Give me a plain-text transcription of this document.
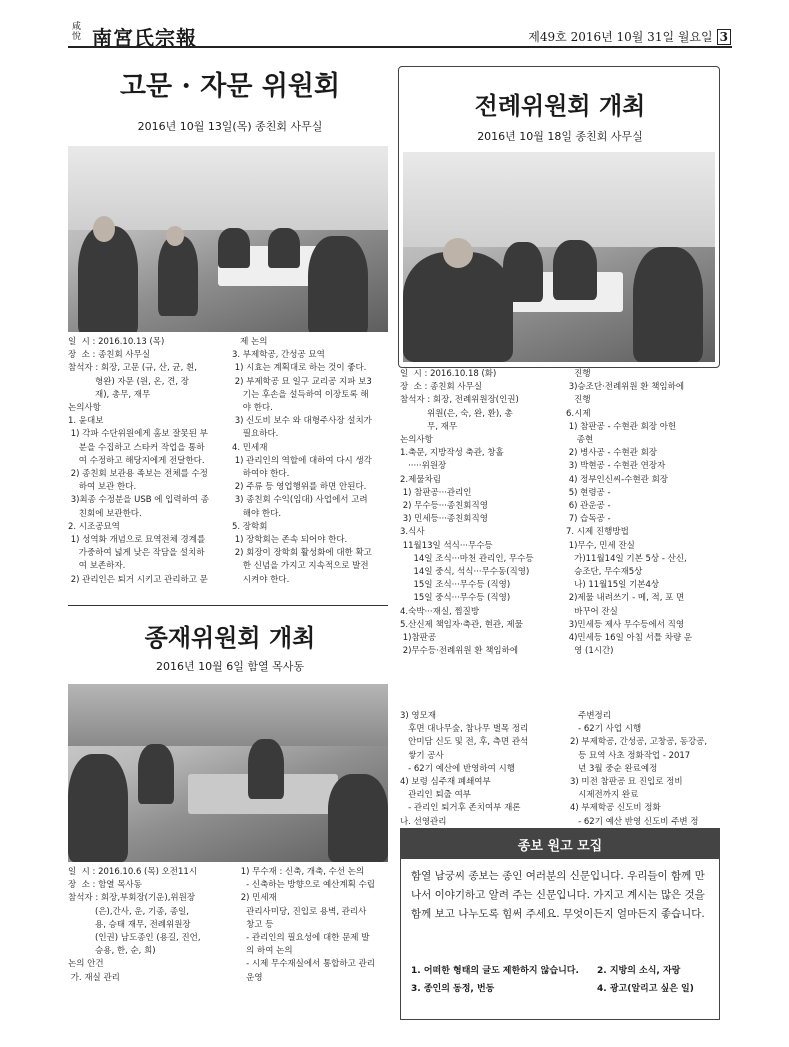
咸悅 南宮氏宗報	제49호 2016년 10월 31일 월요일 3
고문 · 자문 위원회
2016년 10월 13일(목) 종친회 사무실
일  시 : 2016.10.13 (목)
장  소 : 종친회 사무실
참석자 : 회장, 고문 (규, 산, 균, 흰,
형완) 자문 (원, 온, 견, 장
재), 총무, 재무
논의사항
1. 윤대보
1) 각파 수단위원에게 홈보 잘못된 부
분을 수집하고 스타커 작업을 통하
여 수정하고 해당지에게 전달한다.
2) 종친회 보관용 족보는 전체를 수정
하여 보관 한다.
3)최종 수정분을 USB 에 입력하여 종
친회에 보관한다.
2. 시조공묘역
1) 성역화 개념으로 묘역전체 경계를
가중하여 넓게 낮은 작담을 설치하
여 보존하자.
2) 관리인은 퇴거 시키고 관리하고 문
제 논의
3. 부제학공, 간성공 묘역
1) 시효는 계획대로 하는 것이 좋다.
2) 부제학공 묘 일구 교리공 지파 보3
기는 후손을 설득하여 이장토록 해
야 한다.
3) 신도비 보수 와 대형주사장 설치가
필요하다.
4. 민세재
1) 관리인의 역할에 대하여 다시 생각
하여야 한다.
2) 주류 등 영업행위를 하면 안된다.
3) 종친회 수익(임대) 사업에서 고려
해야 한다.
5. 장학회
1) 장학회는 존속 되어야 한다.
2) 회장이 장학회 활성화에 대한 확고
한 신념을 가지고 지속적으로 발전
시켜야 한다.
전례위원회 개최
2016년 10월 18일 종친회 사무실
일  시 : 2016.10.18 (화)
장  소 : 종친회 사무실
참석자 : 회장, 전례위원장(인권)
위원(은, 숙, 완, 환), 총
무, 재무
논의사항
1.축문, 지방작성 축관, 창홀
·····위원장
2.제물차림
1) 참판공···관리인
2) 무수등···종친회직영
3) 민세등···종친회직영
3.식사
11월13일 석식···무수등
14일 조식···마천 관리인, 무수등
14일 중식, 석식···무수동(직영)
15일 조식···무수등 (직영)
15일 중식···무수등 (직영)
4.숙박···재실, 찜질방
5.산신제 책임자·축관, 현관, 제물
1)참판공
2)무수등·전례위원 환 책임하에
진행
3)승조단·전례위원 환 책임하에
진행
6.시제
1) 참판공 - 수현관 회장 아헌
종현
2) 병사공 - 수현관 회장
3) 박현공 - 수현관 연장자
4) 정부인신씨-수현관 회장
5) 현령공 -
6) 관운공 -
7) 습독공 -
7. 시제 진행방법
1)무수, 민세 잔실
가)11월14일 기본 5상 - 산신,
승조단, 무수재5상
나) 11월15일 기본4상
2)제물 내려쓰기 - 메, 적, 포 면
바꾸어 잔실
3)민세등 제사 무수등에서 직영
4)민세등 16일 아침 서틀 차량 운
영 (1시간)
종재위원회 개최
2016년 10월 6일 함열 목사동
일  시 : 2016.10.6 (목) 오전11시
장  소 : 함열 목사동
참석자 : 회장,부회장(기운),위원장
(은),간사, 운, 기종, 종일,
용, 승태 재무, 전례위원장
(인권) 남도종인 (용길, 진언,
승용, 한, 순, 희)
논의 안건
가. 재실 관리
1) 무수재 : 신축, 개축, 수선 논의
- 신축하는 방향으로 예산계획 수립
2) 민세재
관리사미당, 진입로 용벽, 관리사
창고 등
- 관리인의 필요성에 대한 문제 발
의 하여 논의
- 시제 무수재실에서 통합하고 관리
운영
3) 영모재
후면 대나무숲, 참나무 벌목 정리
안미담 신도 및 전, 후, 측면 관석
쌓기 공사
- 62기 예산에 반영하여 시행
4) 보령 심주재 폐쇄여부
관리인 퇴출 여부
- 관리인 퇴거후 존치여부 재론
나. 선영관리

주변정리
- 62기 사업 시행
2) 부제학공, 간성공, 고창공, 동강공,
등 묘역 사초 정화작업 - 2017
년 3월 중순 완료예정
3) 미전 참판공 묘 진입로 정비
시제전까지 완료
4) 부제학공 신도비 정화
- 62기 예산 반영 신도비 주변 정

종보 원고 모집
함열 남궁씨 종보는 종인 여러분의 신문입니다. 우리들이 함께 만나서 이야기하고 알려 주는 신문입니다. 가지고 계시는 많은 것을 함께 보고 나누도록 힘써 주세요. 무엇이든지 얼마든지 좋습니다.
1. 어떠한 형태의 글도 제한하지 않습니다. 2. 지방의 소식, 자랑
3. 종인의 동정, 번동	4. 광고(알리고 싶은 일)
